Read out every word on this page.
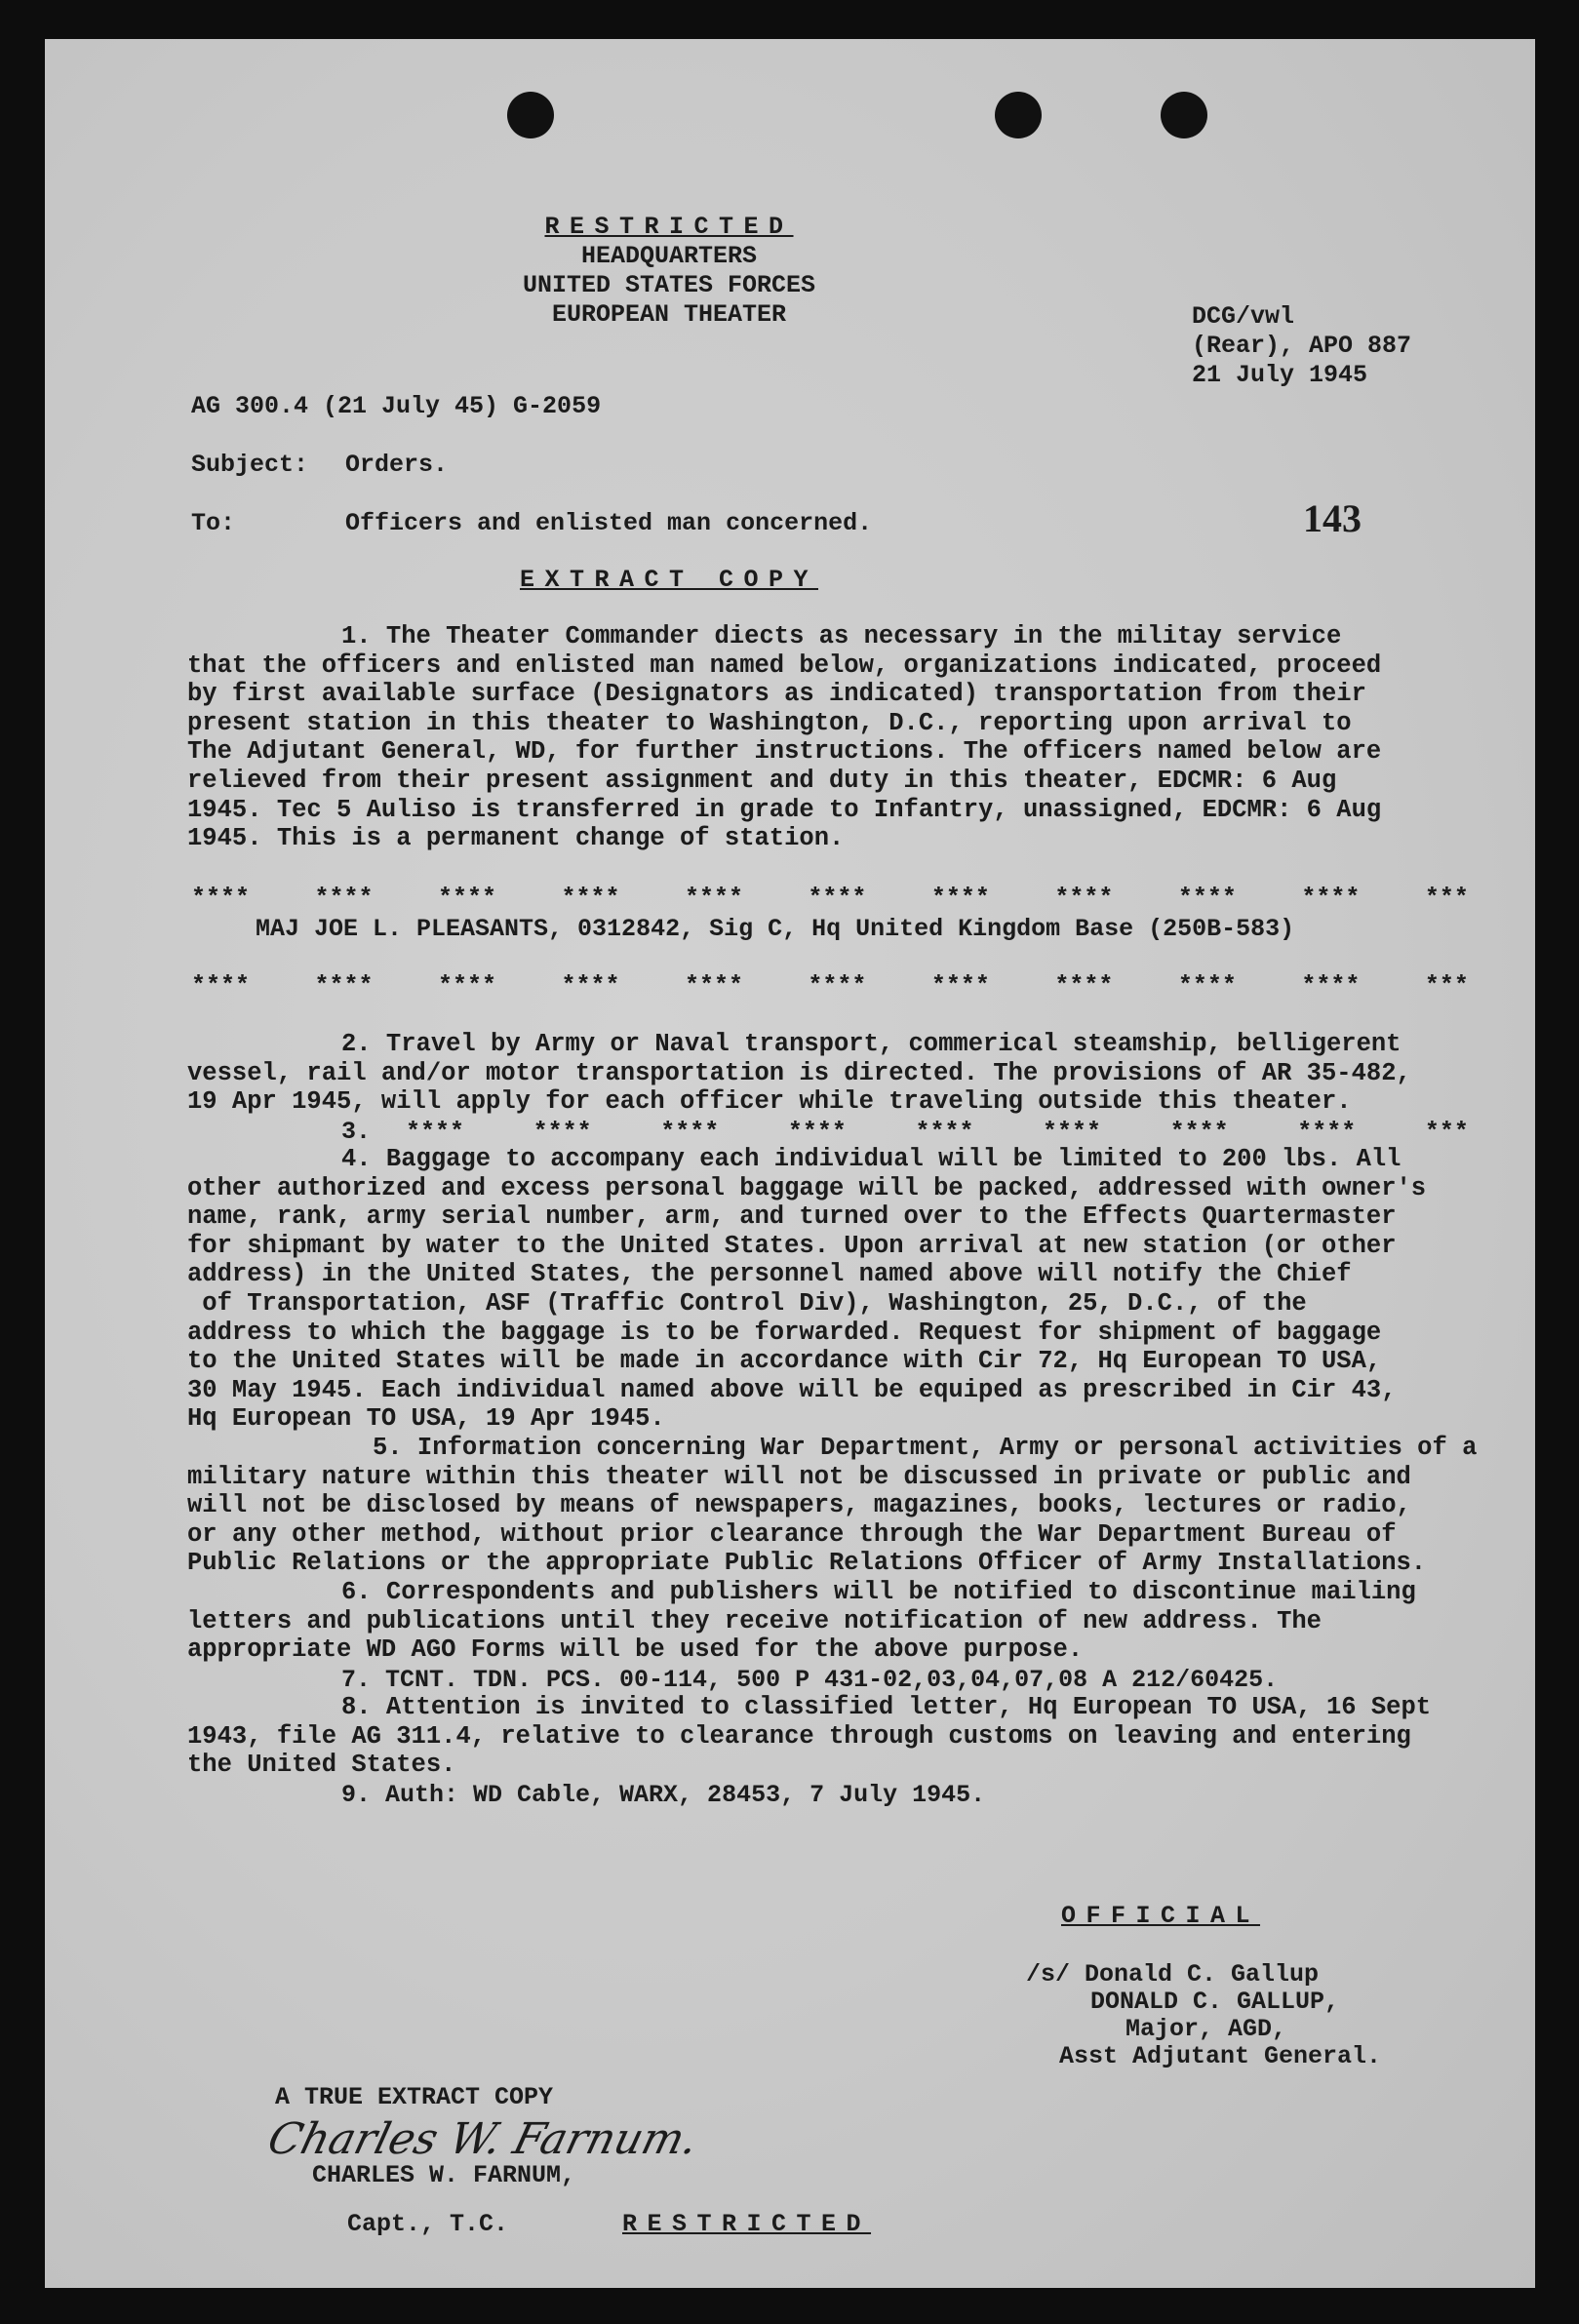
RESTRICTED
HEADQUARTERS
UNITED STATES FORCES
EUROPEAN THEATER	DCG/vwl
(Rear), APO 887
21 July 1945
AG 300.4 (21 July 45) G-2059
Subject: Orders.
To:	Officers and enlisted man concerned.	143
EXTRACT COPY
1. The Theater Commander diects as necessary in the militay service
that the officers and enlisted man named below, organizations indicated, proceed
by first available surface (Designators as indicated) transportation from their
present station in this theater to Washington, D.C., reporting upon arrival to
The Adjutant General, WD, for further instructions. The officers named below are
relieved from their present assignment and duty in this theater, EDCMR: 6 Aug
1945. Tec 5 Auliso is transferred in grade to Infantry, unassigned, EDCMR: 6 Aug
1945. This is a permanent change of station.
****	****	****	****	****	****	****	****	****	****	***
MAJ JOE L. PLEASANTS, 0312842, Sig C, Hq United Kingdom Base (250B-583)
****	****	****	****	****	****	****	****	****	****	***
2. Travel by Army or Naval transport, commerical steamship, belligerent
vessel, rail and/or motor transportation is directed. The provisions of AR 35-482,
19 Apr 1945, will apply for each officer while traveling outside this theater.
3. ****	****	****	****	****	****	****	****	***
4. Baggage to accompany each individual will be limited to 200 lbs. All
other authorized and excess personal baggage will be packed, addressed with owner's
name, rank, army serial number, arm, and turned over to the Effects Quartermaster
for shipmant by water to the United States. Upon arrival at new station (or other
address) in the United States, the personnel named above will notify the Chief
of Transportation, ASF (Traffic Control Div), Washington, 25, D.C., of the
address to which the baggage is to be forwarded. Request for shipment of baggage
to the United States will be made in accordance with Cir 72, Hq European TO USA,
30 May 1945. Each individual named above will be equiped as prescribed in Cir 43,
Hq European TO USA, 19 Apr 1945.
5. Information concerning War Department, Army or personal activities of a
military nature within this theater will not be discussed in private or public and
will not be disclosed by means of newspapers, magazines, books, lectures or radio,
or any other method, without prior clearance through the War Department Bureau of
Public Relations or the appropriate Public Relations Officer of Army Installations.
6. Correspondents and publishers will be notified to discontinue mailing
letters and publications until they receive notification of new address. The
appropriate WD AGO Forms will be used for the above purpose.
7. TCNT. TDN. PCS. 00-114, 500 P 431-02,03,04,07,08 A 212/60425.
8. Attention is invited to classified letter, Hq European TO USA, 16 Sept
1943, file AG 311.4, relative to clearance through customs on leaving and entering
the United States.
9. Auth: WD Cable, WARX, 28453, 7 July 1945.
OFFICIAL
/s/ Donald C. Gallup
DONALD C. GALLUP,
Major, AGD,
Asst Adjutant General.
A TRUE EXTRACT COPY
Charles W. Farnum.
CHARLES W. FARNUM,
Capt., T.C.	RESTRICTED
